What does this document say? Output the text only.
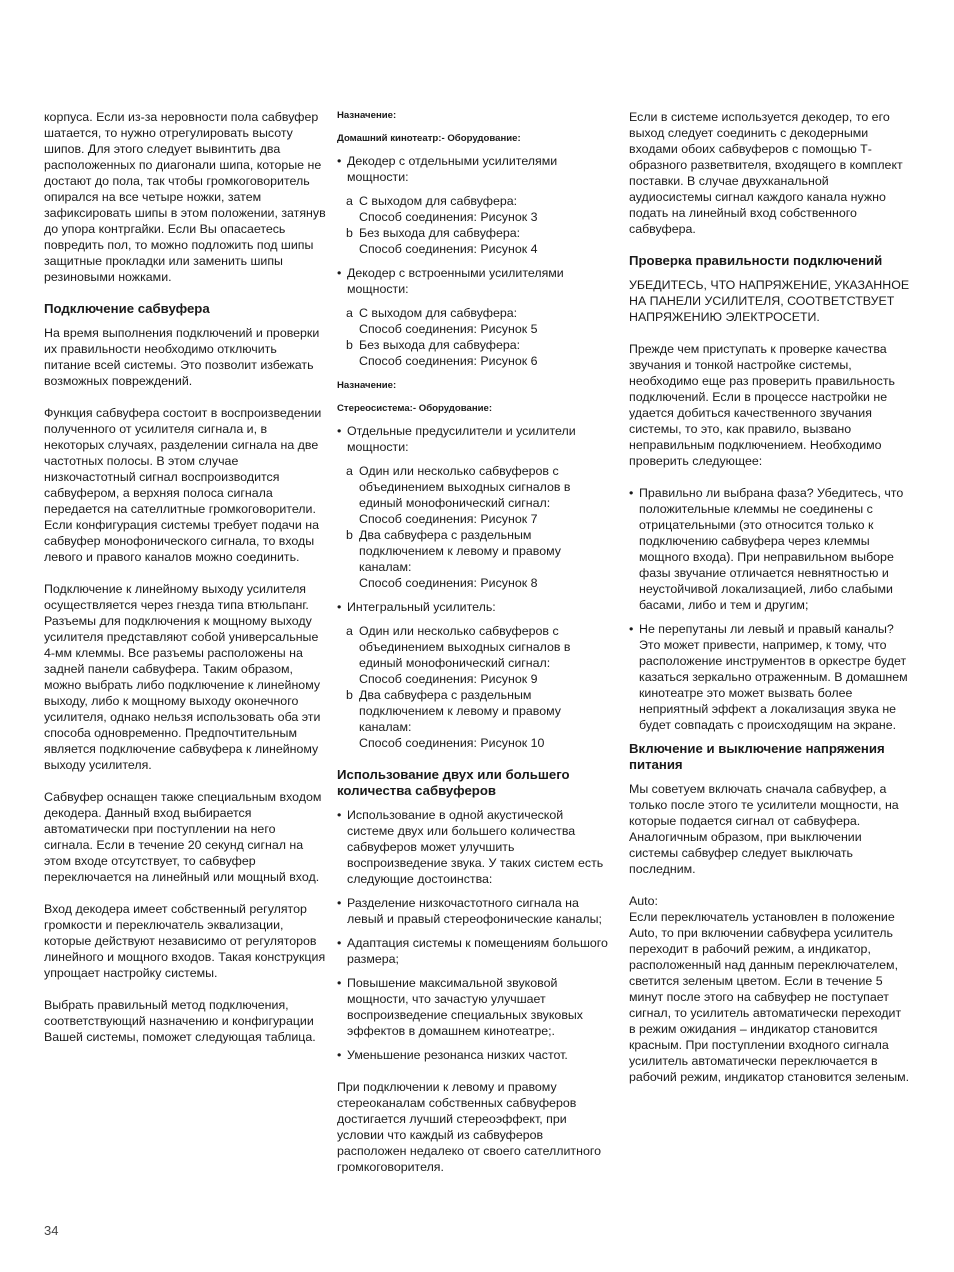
корпуса. Если из-за неровности пола сабвуфер шатается, то нужно отрегулировать высоту шипов. Для этого следует вывинтить два расположенных по диагонали шипа, которые не достают до пола, так чтобы громкоговоритель опирался на все четыре ножки, затем зафиксировать шипы в этом положении, затянув до упора контргайки. Если Вы опасаетесь повредить пол, то можно подложить под шипы защитные прокладки или заменить шипы резиновыми ножками.

Подключение сабвуфера

На время выполнения подключений и проверки их правильности необходимо отключить питание всей системы. Это позволит избежать возможных повреждений.

Функция сабвуфера состоит в воспроизведении полученного от усилителя сигнала и, в некоторых случаях, разделении сигнала на две частотных полосы. В этом случае низкочастотный сигнал воспроизводится сабвуфером, а верхняя полоса сигнала передается на сателлитные громкоговорители. Если конфигурация системы требует подачи на сабвуфер монофонического сигнала, то входы левого и правого каналов можно соединить.

Подключение к линейному выходу усилителя осуществляется через гнезда типа втюльпанг. Разъемы для подключения к мощному выходу усилителя представляют собой универсальные 4-мм клеммы. Все разъемы расположены на задней панели сабвуфера. Таким образом, можно выбрать либо подключение к линейному выходу, либо к мощному выходу оконечного усилителя, однако нельзя использовать оба эти способа одновременно. Предпочтительным является подключение сабвуфера к линейному выходу усилителя.

Сабвуфер оснащен также специальным входом декодера. Данный вход выбирается автоматически при поступлении на него сигнала. Если в течение 20 секунд сигнал на этом входе отсутствует, то сабвуфер переключается на линейный или мощный вход.

Вход декодера имеет собственный регулятор громкости и переключатель эквализации, которые действуют независимо от регуляторов линейного и мощного входов. Такая конструкция упрощает настройку системы.

Выбрать правильный метод подключения, соответствующий назначению и конфигурации Вашей системы, поможет следующая таблица.

Назначение:

Домашний кинотеатр:- Оборудование:

• Декодер с отдельными усилителями мощности:
a С выходом для сабвуфера:
Способ соединения: Рисунок 3
b Без выхода для сабвуфера:
Способ соединения: Рисунок 4
• Декодер с встроенными усилителями мощности:
a С выходом для сабвуфера:
Способ соединения: Рисунок 5
b Без выхода для сабвуфера:
Способ соединения: Рисунок 6

Назначение:

Стереосистема:- Оборудование:

• Отдельные предусилители и усилители мощности:
a Один или несколько сабвуферов с объединением выходных сигналов в единый монофонический сигнал:
Способ соединения: Рисунок 7
b Два сабвуфера с раздельным подключением к левому и правому каналам:
Способ соединения: Рисунок 8
• Интегральный усилитель:
a Один или несколько сабвуферов с объединением выходных сигналов в единый монофонический сигнал:
Способ соединения: Рисунок 9
b Два сабвуфера с раздельным подключением к левому и правому каналам:
Способ соединения: Рисунок 10
Использование двух или большего количества сабвуферов
• Использование в одной акустической системе двух или большего количества сабвуферов может улучшить воспроизведение звука. У таких систем есть следующие достоинства:
• Разделение низкочастотного сигнала на левый и правый стереофонические каналы;
• Адаптация системы к помещениям большого размера;
• Повышение максимальной звуковой мощности, что зачастую улучшает воспроизведение специальных звуковых эффектов в домашнем кинотеатре;.
• Уменьшение резонанса низких частот.

При подключении к левому и правому стереоканалам собственных сабвуферов достигается лучший стереоэффект, при условии что каждый из сабвуферов расположен недалеко от своего сателлитного громкоговорителя.

Если в системе используется декодер, то его выход следует соединить с декодерными входами обоих сабвуферов с помощью Т-образного разветвителя, входящего в комплект поставки. В случае двухканальной аудиосистемы сигнал каждого канала нужно подать на линейный вход собственного сабвуфера.

Проверка правильности подключений

УБЕДИТЕСЬ, ЧТО НАПРЯЖЕНИЕ, УКАЗАННОЕ НА ПАНЕЛИ УСИЛИТЕЛЯ, СООТВЕТСТВУЕТ НАПРЯЖЕНИЮ ЭЛЕКТРОСЕТИ.

Прежде чем приступать к проверке качества звучания и тонкой настройке системы, необходимо еще раз проверить правильность подключений. Если в процессе настройки не удается добиться качественного звучания системы, то это, как правило, вызвано неправильным подключением. Необходимо проверить следующее:

• Правильно ли выбрана фаза? Убедитесь, что положительные клеммы не соединены с отрицательными (это относится только к подключению сабвуфера через клеммы мощного входа). При неправильном выборе фазы звучание отличается невнятностью и неустойчивой локализацией, либо слабыми басами, либо и тем и другим;
• Не перепутаны ли левый и правый каналы? Это может привести, например, к тому, что расположение инструментов в оркестре будет казаться зеркально отраженным. В домашнем кинотеатре это может вызвать более неприятный эффект а локализация звука не будет совпадать с происходящим на экране.
Включение и выключение напряжения питания

Мы советуем включать сначала сабвуфер, а только после этого те усилители мощности, на которые подается сигнал от сабвуфера. Аналогичным образом, при выключении системы сабвуфер следует выключать последним.

Auto:

Если переключатель установлен в положение Auto, то при включении сабвуфера усилитель переходит в рабочий режим, а индикатор, расположенный над данным переключателем, светится зеленым цветом. Если в течение 5 минут после этого на сабвуфер не поступает сигнал, то усилитель автоматически переходит в режим ожидания – индикатор становится красным. При поступлении входного сигнала усилитель автоматически переключается в рабочий режим, индикатор становится зеленым.

34
